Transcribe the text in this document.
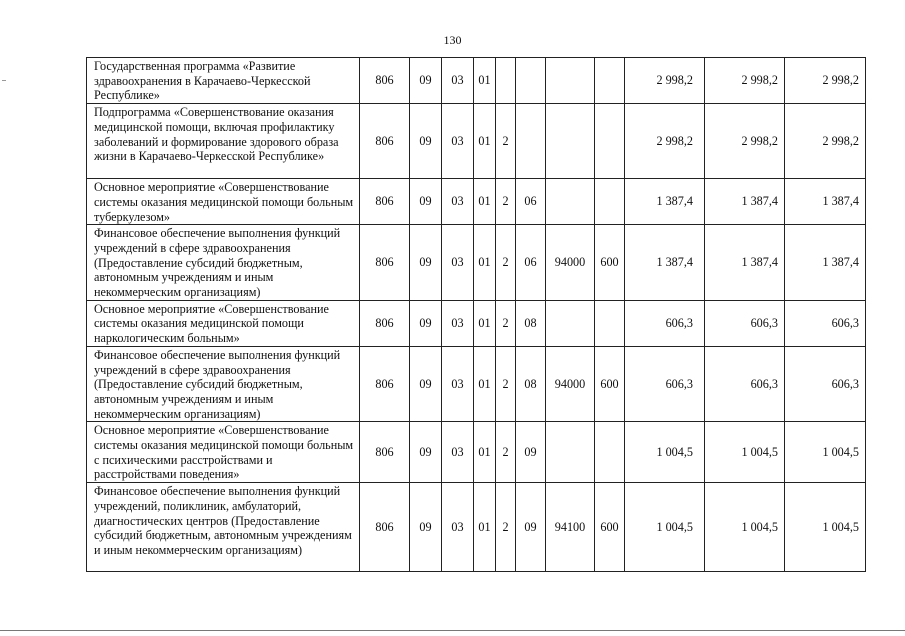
130
Государственная программа «Развитие здравоохранения в Карачаево-Черкесской Республике»	806	09	03	01					2 998,2	2 998,2	2 998,2
Подпрограмма «Совершенствование оказания медицинской помощи, включая профилактику заболеваний и формирование здорового образа жизни в Карачаево-Черкесской Республике»	806	09	03	01	2				2 998,2	2 998,2	2 998,2
Основное мероприятие «Совершенствование системы оказания медицинской помощи больным туберкулезом»	806	09	03	01	2	06			1 387,4	1 387,4	1 387,4
Финансовое обеспечение выполнения функций учреждений в сфере здравоохранения (Предоставление субсидий бюджетным, автономным учреждениям и иным некоммерческим организациям)	806	09	03	01	2	06	94000	600	1 387,4	1 387,4	1 387,4
Основное мероприятие «Совершенствование системы оказания медицинской помощи наркологическим больным»	806	09	03	01	2	08			606,3	606,3	606,3
Финансовое обеспечение выполнения функций учреждений в сфере здравоохранения (Предоставление субсидий бюджетным, автономным учреждениям и иным некоммерческим организациям)	806	09	03	01	2	08	94000	600	606,3	606,3	606,3
Основное мероприятие «Совершенствование системы оказания медицинской помощи больным с психическими расстройствами и расстройствами поведения»	806	09	03	01	2	09			1 004,5	1 004,5	1 004,5
Финансовое обеспечение выполнения функций учреждений, поликлиник, амбулаторий, диагностических центров (Предоставление субсидий бюджетным, автономным учреждениям и иным некоммерческим организациям)	806	09	03	01	2	09	94100	600	1 004,5	1 004,5	1 004,5
